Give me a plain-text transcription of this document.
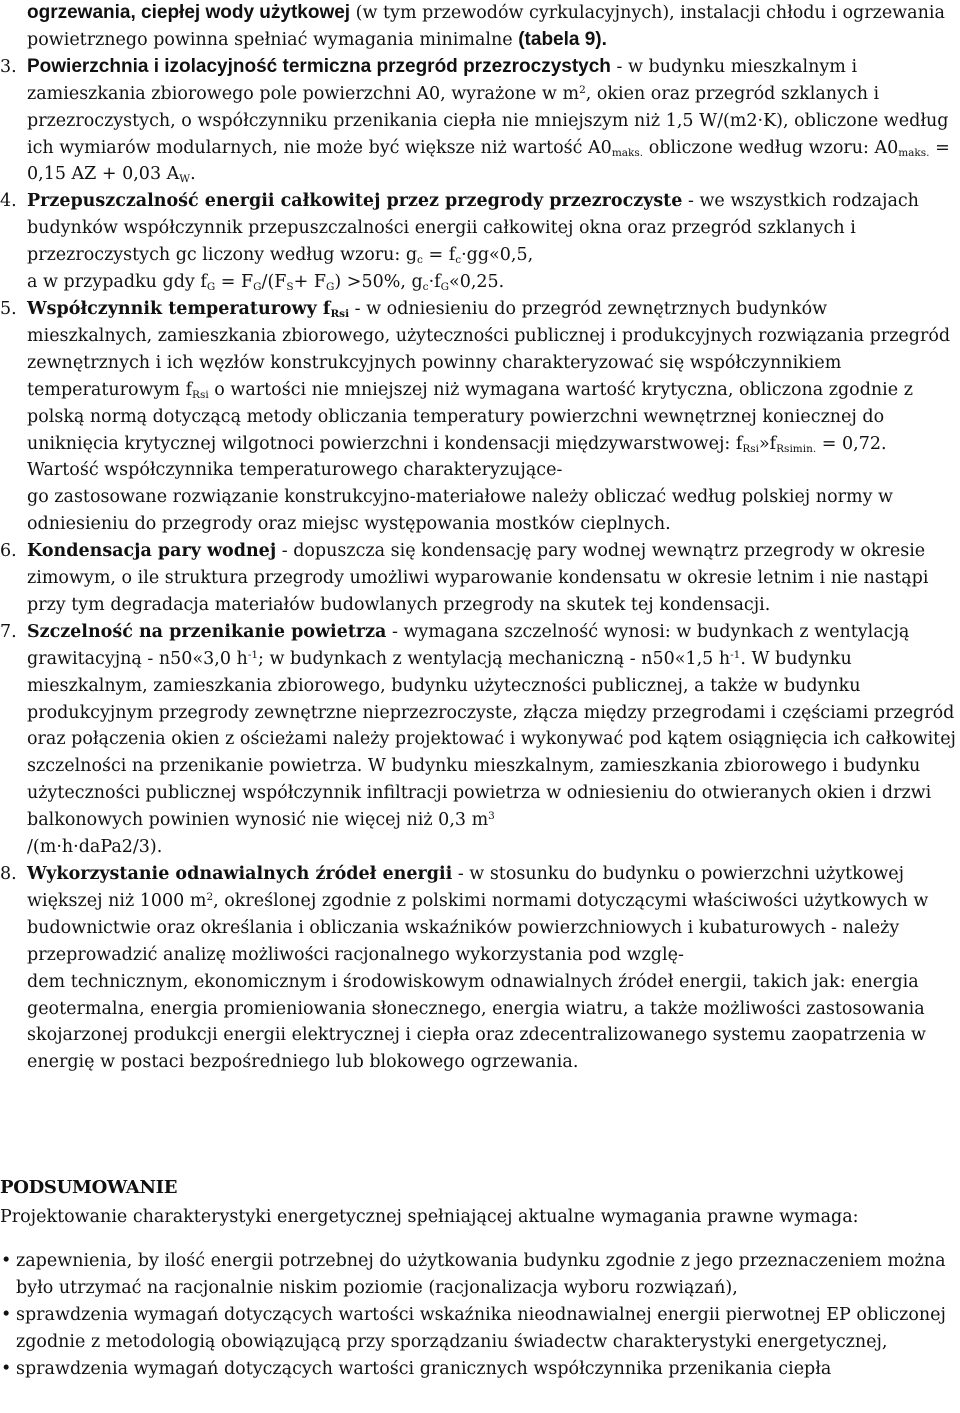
ogrzewania, ciepłej wody użytkowej (w tym przewodów cyrkulacyjnych), instalacji chłodu i ogrzewania powietrznego powinna spełniać wymagania minimalne (tabela 9).
3. Powierzchnia i izolacyjność termiczna przegród przezroczystych - w budynku mieszkalnym i zamieszkania zbiorowego pole powierzchni A0, wyrażone w $m^2$, okien oraz przegród szklanych i przezroczystych, o współczynniku przenikania ciepła nie mniejszym niż 1,5 W/(m2·K), obliczone według ich wymiarów modularnych, nie może być większe niż wartość $A0_{maks.}$ obliczone według wzoru: $A0_{maks.} = 0,15$ AZ + 0,03 $A_W$.
4. Przepuszczalność energii całkowitej przez przegrody przezroczyste - we wszystkich rodzajach budynków współczynnik przepuszczalności energii całkowitej okna oraz przegród szklanych i przezroczystych gc liczony według wzoru: $g_c$ = $f_c\cdot gg«0,5$,
a w przypadku gdy $f_G = F_G/(F_S+ F_G) >50\%$, $g_c\cdot f_G«0,25$.
5. Współczynnik temperaturowy $f_{Rsi}$ - w odniesieniu do przegród zewnętrznych budynków mieszkalnych, zamieszkania zbiorowego, użyteczności publicznej i produkcyjnych rozwiązania przegród zewnętrznych i ich węzłów konstrukcyjnych powinny charakteryzować się współczynnikiem temperaturowym $f_{Rsi}$ o wartości nie mniejszej niż wymagana wartość krytyczna, obliczona zgodnie z polską normą dotyczącą metody obliczania temperatury powierzchni wewnętrznej koniecznej do uniknięcia krytycznej wilgotnoci powierzchni i kondensacji międzywarstwowej: $f_{Rsi}»f_{Rsimin.} = 0,72$. Wartość współczynnika temperaturowego charakteryzujące-
go zastosowane rozwiązanie konstrukcyjno-materiałowe należy obliczać według polskiej normy w odniesieniu do przegrody oraz miejsc występowania mostków cieplnych.
6. Kondensacja pary wodnej - dopuszcza się kondensację pary wodnej wewnątrz przegrody w okresie zimowym, o ile struktura przegrody umożliwi wyparowanie kondensatu w okresie letnim i nie nastąpi przy tym degradacja materiałów budowlanych przegrody na skutek tej kondensacji.
7. Szczelność na przenikanie powietrza - wymagana szczelność wynosi: w budynkach z wentylacją grawitacyjną - n50«3,0 $h^{-1}$; w budynkach z wentylacją mechaniczną - n50«1,5 $h^{-1}$. W budynku mieszkalnym, zamieszkania zbiorowego, budynku użyteczności publicznej, a także w budynku produkcyjnym przegrody zewnętrzne nieprzezroczyste, złącza między przegrodami i częściami przegród oraz połączenia okien z ościeżami należy projektować i wykonywać pod kątem osiągnięcia ich całkowitej szczelności na przenikanie powietrza. W budynku mieszkalnym, zamieszkania zbiorowego i budynku użyteczności publicznej współczynnik infiltracji powietrza w odniesieniu do otwieranych okien i drzwi balkonowych powinien wynosić nie więcej niż 0,3 $m^3$
/(m·h·daPa2/3).
8. Wykorzystanie odnawialnych źródeł energii - w stosunku do budynku o powierzchni użytkowej większej niż 1000 $m^2$, określonej zgodnie z polskimi normami dotyczącymi właściwości użytkowych w budownictwie oraz określania i obliczania wskaźników powierzchniowych i kubaturowych - należy przeprowadzić analizę możliwości racjonalnego wykorzystania pod wzglę-
dem technicznym, ekonomicznym i środowiskowym odnawialnych źródeł energii, takich jak: energia geotermalna, energia promieniowania słonecznego, energia wiatru, a także możliwości zastosowania skojarzonej produkcji energii elektrycznej i ciepła oraz zdecentralizowanego systemu zaopatrzenia w energię w postaci bezpośredniego lub blokowego ogrzewania.
PODSUMOWANIE
Projektowanie charakterystyki energetycznej spełniającej aktualne wymagania prawne wymaga:
• zapewnienia, by ilość energii potrzebnej do użytkowania budynku zgodnie z jego przeznaczeniem można było utrzymać na racjonalnie niskim poziomie (racjonalizacja wyboru rozwiązań),
• sprawdzenia wymagań dotyczących wartości wskaźnika nieodnawialnej energii pierwotnej EP obliczonej zgodnie z metodologią obowiązującą przy sporządzaniu świadectw charakterystyki energetycznej,
• sprawdzenia wymagań dotyczących wartości granicznych współczynnika przenikania ciepła
